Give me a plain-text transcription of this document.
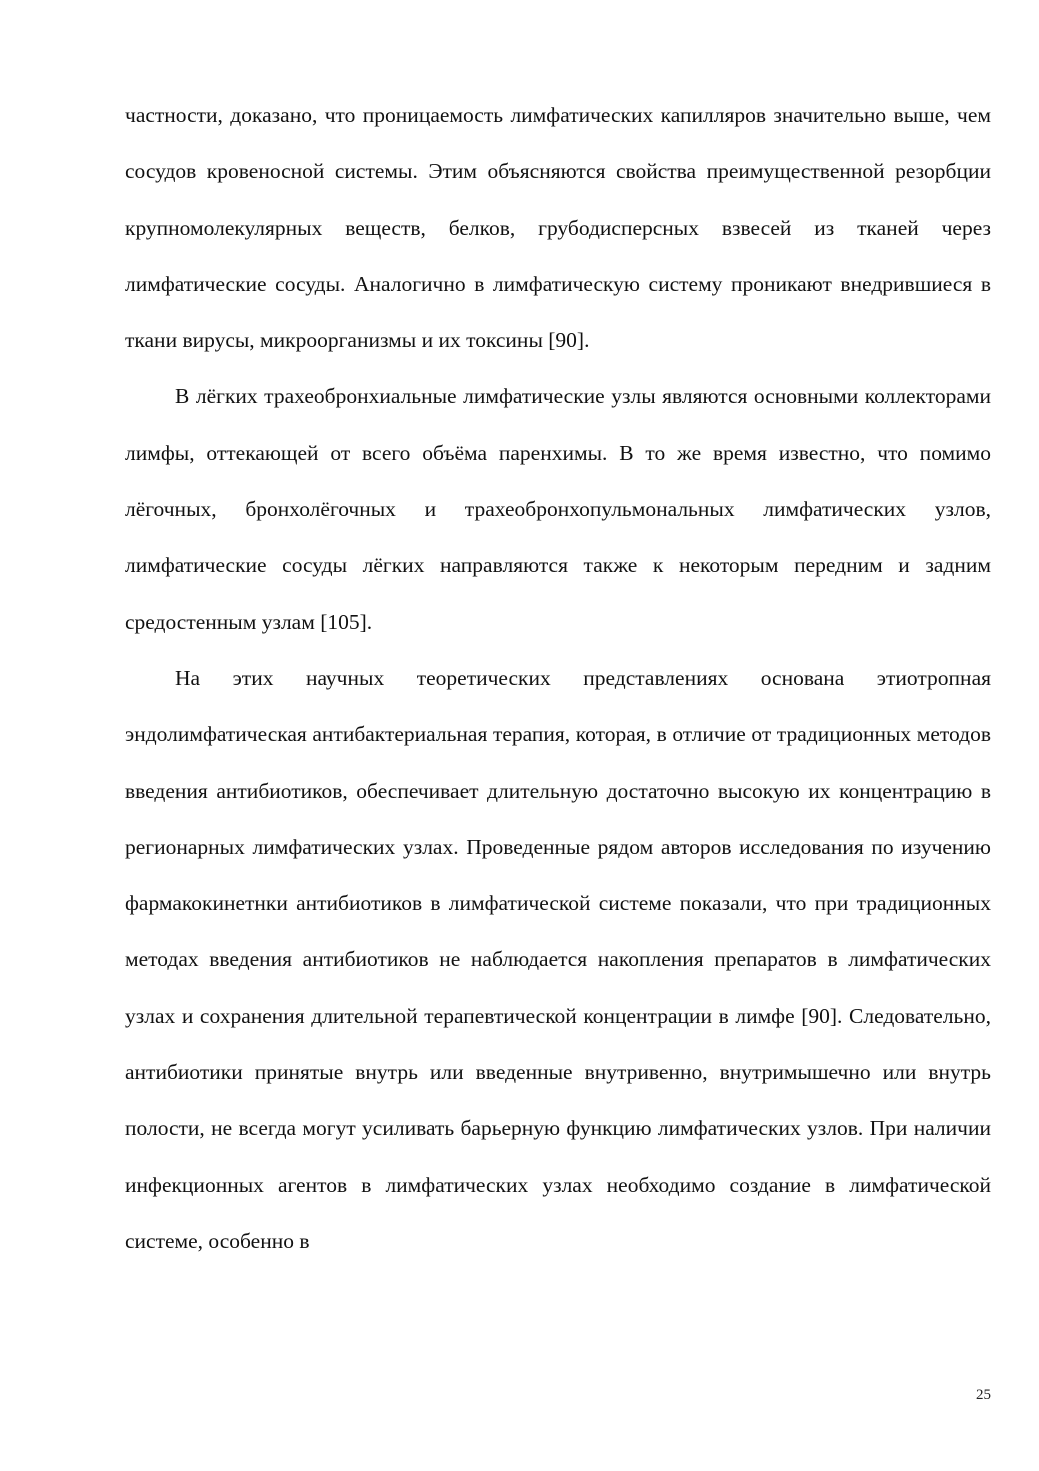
частности, доказано, что проницаемость лимфатических капилляров значительно выше, чем сосудов кровеносной системы. Этим объясняются свойства преимущественной резорбции крупномолекулярных веществ, белков, грубодисперсных взвесей из тканей через лимфатические сосуды. Аналогично в лимфатическую систему проникают внедрившиеся в ткани вирусы, микроорганизмы и их токсины [90].

В лёгких трахеобронхиальные лимфатические узлы являются основными коллекторами лимфы, оттекающей от всего объёма паренхимы. В то же время известно, что помимо лёгочных, бронхолёгочных и трахеобронхопульмональных лимфатических узлов, лимфатические сосуды лёгких направляются также к некоторым передним и задним средостенным узлам [105].

На этих научных теоретических представлениях основана этиотропная эндолимфатическая антибактериальная терапия, которая, в отличие от традиционных методов введения антибиотиков, обеспечивает длительную достаточно высокую их концентрацию в регионарных лимфатических узлах. Проведенные рядом авторов исследования по изучению фармакокинетнки антибиотиков в лимфатической системе показали, что при традиционных методах введения антибиотиков не наблюдается накопления препаратов в лимфатических узлах и сохранения длительной терапевтической концентрации в лимфе [90]. Следовательно, антибиотики принятые внутрь или введенные внутривенно, внутримышечно или внутрь полости, не всегда могут усиливать барьерную функцию лимфатических узлов. При наличии инфекционных агентов в лимфатических узлах необходимо создание в лимфатической системе, особенно в

25
